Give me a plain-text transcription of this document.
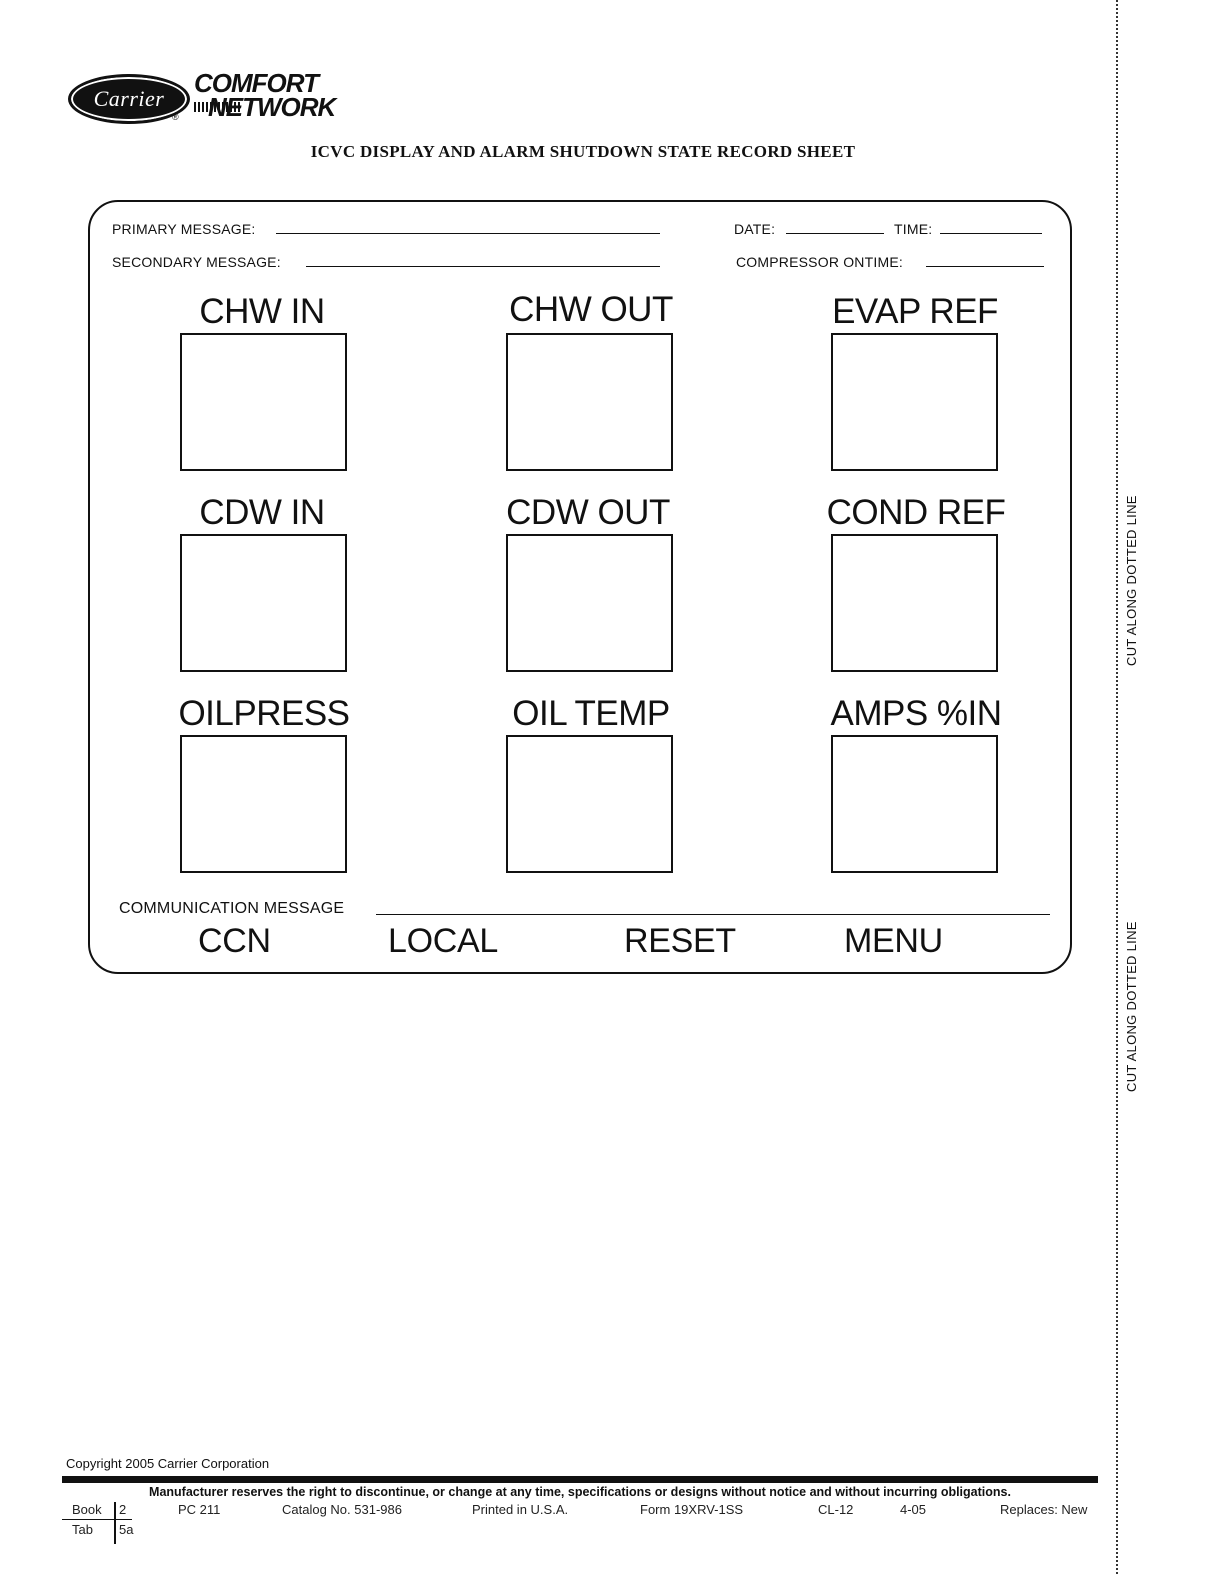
Carrier
®
COMFORT
NETWORK
ICVC DISPLAY AND ALARM SHUTDOWN STATE RECORD SHEET
PRIMARY MESSAGE:
SECONDARY MESSAGE:
DATE:	TIME:
COMPRESSOR ONTIME:
CHW IN	CHW OUT	EVAP REF
CDW IN	CDW OUT	COND REF
OILPRESS	OIL TEMP	AMPS %IN
COMMUNICATION MESSAGE
CCN	LOCAL	RESET	MENU
CUT ALONG DOTTED LINE
CUT ALONG DOTTED LINE
Copyright 2005 Carrier Corporation
Manufacturer reserves the right to discontinue, or change at any time, specifications or designs without notice and without incurring obligations.
Book 2
Tab 5a
PC 211	Catalog No. 531-986	Printed in U.S.A.	Form 19XRV-1SS	CL-12	4-05	Replaces: New
